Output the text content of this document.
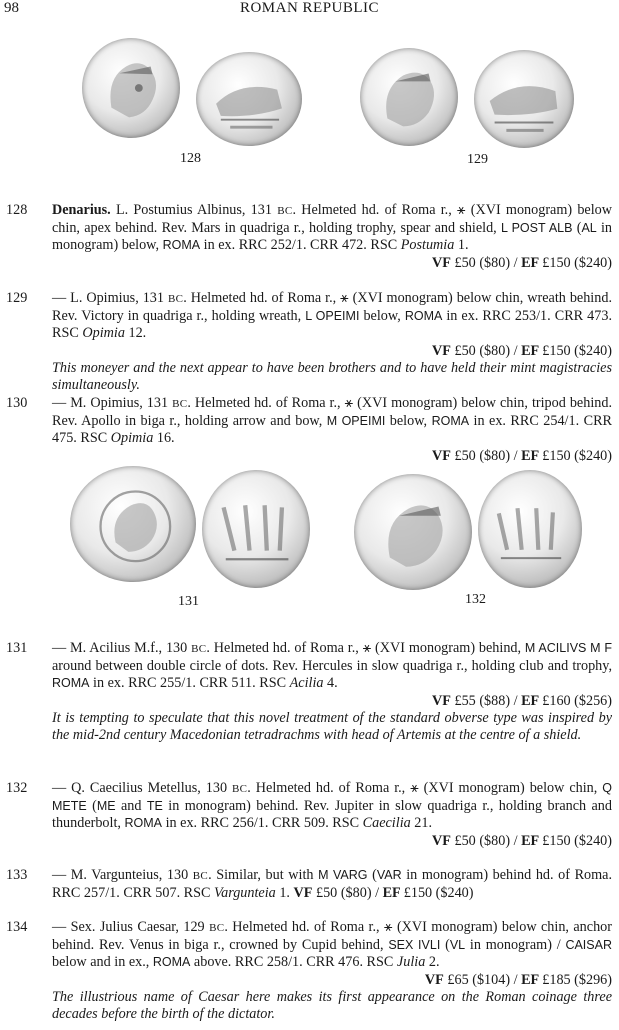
98	ROMAN REPUBLIC
128	129
128 Denarius. L. Postumius Albinus, 131 BC. Helmeted hd. of Roma r., ⚹ (XVI monogram) below chin, apex behind. Rev. Mars in quadriga r., holding trophy, spear and shield, L POST ALB (AL in monogram) below, ROMA in ex. RRC 252/1. CRR 472. RSC Postumia 1.

VF £50 ($80) / EF £150 ($240)

129 — L. Opimius, 131 BC. Helmeted hd. of Roma r., ⚹ (XVI monogram) below chin, wreath behind. Rev. Victory in quadriga r., holding wreath, L OPEIMI below, ROMA in ex. RRC 253/1. CRR 473. RSC Opimia 12.

VF £50 ($80) / EF £150 ($240)

This moneyer and the next appear to have been brothers and to have held their mint magistracies simultaneously.

130 — M. Opimius, 131 BC. Helmeted hd. of Roma r., ⚹ (XVI monogram) below chin, tripod behind. Rev. Apollo in biga r., holding arrow and bow, M OPEIMI below, ROMA in ex. RRC 254/1. CRR 475. RSC Opimia 16.

VF £50 ($80) / EF £150 ($240)

131	132
131 — M. Acilius M.f., 130 BC. Helmeted hd. of Roma r., ⚹ (XVI monogram) behind, M ACILIVS M F around between double circle of dots. Rev. Hercules in slow quadriga r., holding club and trophy, ROMA in ex. RRC 255/1. CRR 511. RSC Acilia 4.

VF £55 ($88) / EF £160 ($256)

It is tempting to speculate that this novel treatment of the standard obverse type was inspired by the mid-2nd century Macedonian tetradrachms with head of Artemis at the centre of a shield.

132 — Q. Caecilius Metellus, 130 BC. Helmeted hd. of Roma r., ⚹ (XVI monogram) below chin, Q METE (ME and TE in monogram) behind. Rev. Jupiter in slow quadriga r., holding branch and thunderbolt, ROMA in ex. RRC 256/1. CRR 509. RSC Caecilia 21.

VF £50 ($80) / EF £150 ($240)

133 — M. Vargunteius, 130 BC. Similar, but with M VARG (VAR in monogram) behind hd. of Roma. RRC 257/1. CRR 507. RSC Vargunteia 1. VF £50 ($80) / EF £150 ($240)

134 — Sex. Julius Caesar, 129 BC. Helmeted hd. of Roma r., ⚹ (XVI monogram) below chin, anchor behind. Rev. Venus in biga r., crowned by Cupid behind, SEX IVLI (VL in monogram) / CAISAR below and in ex., ROMA above. RRC 258/1. CRR 476. RSC Julia 2.

VF £65 ($104) / EF £185 ($296)

The illustrious name of Caesar here makes its first appearance on the Roman coinage three decades before the birth of the dictator.
